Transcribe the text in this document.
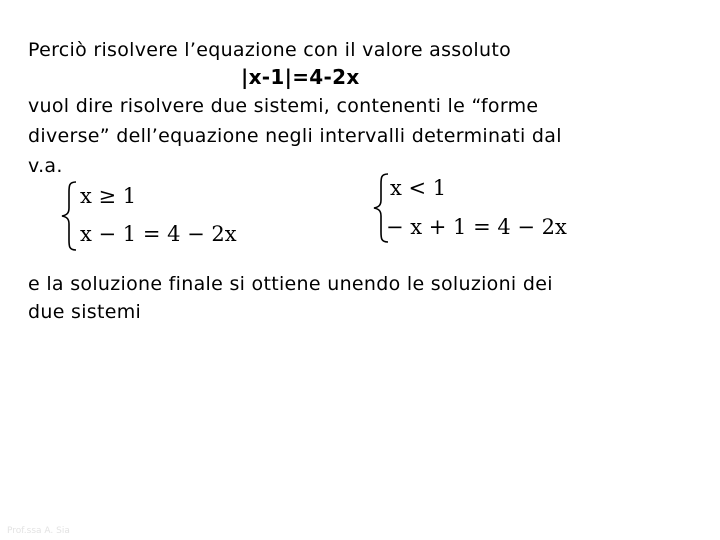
Perciò risolvere l’equazione con il valore assoluto
|x-1|=4-2x
vuol dire risolvere due sistemi, contenenti le “forme
diverse” dell’equazione negli intervalli determinati dal
v.a.
x ≥ 1
x − 1 = 4 − 2x
x < 1
− x + 1 = 4 − 2x
e la soluzione finale si ottiene unendo le soluzioni dei
due sistemi
Prof.ssa A. Sia
